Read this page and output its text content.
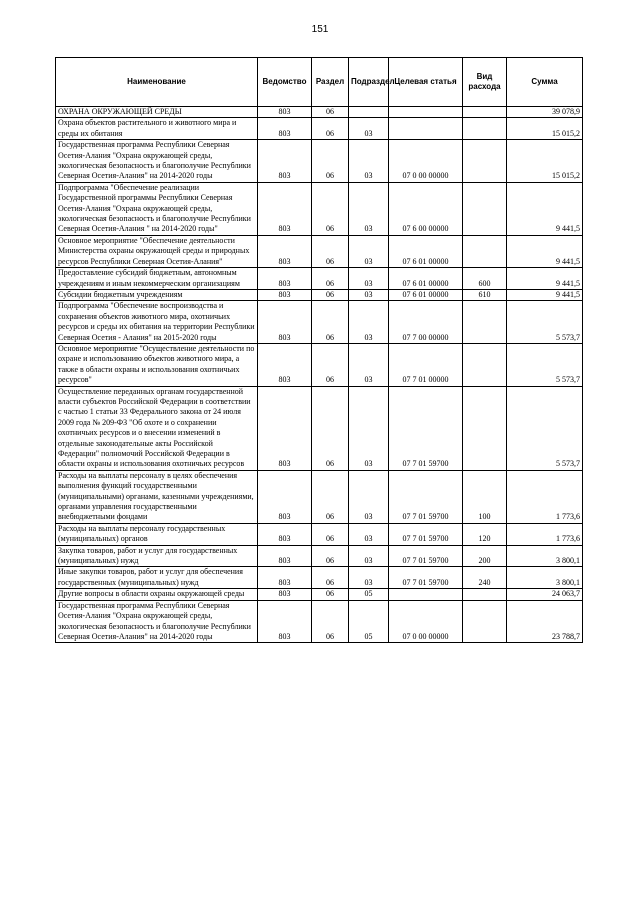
151
Наименование	Ведомство	Раздел	Подраздел	Целевая статья	Вид расхода	Сумма
ОХРАНА ОКРУЖАЮЩЕЙ СРЕДЫ	803	06				39 078,9
Охрана объектов растительного и животного мира и среды их обитания	803	06	03			15 015,2
Государственная программа Республики Северная Осетия-Алания "Охрана окружающей среды, экологическая безопасность и благополучие Республики Северная Осетия-Алания" на 2014-2020 годы	803	06	03	07 0 00 00000		15 015,2
Подпрограмма "Обеспечение реализации Государственной программы Республики Северная Осетия-Алания "Охрана окружающей среды, экологическая безопасность и благополучие Республики Северная Осетия-Алания " на 2014-2020 годы"	803	06	03	07 6 00 00000		9 441,5
Основное мероприятие "Обеспечение деятельности Министерства охраны окружающей среды и природных ресурсов Республики Северная Осетия-Алания"	803	06	03	07 6 01 00000		9 441,5
Предоставление субсидий бюджетным, автономным учреждениям и иным некоммерческим организациям	803	06	03	07 6 01 00000	600	9 441,5
Субсидии бюджетным учреждениям	803	06	03	07 6 01 00000	610	9 441,5
Подпрограмма "Обеспечение воспроизводства и сохранения объектов животного мира, охотничьих ресурсов и среды их обитания на территории Республики Северная Осетия - Алания" на 2015-2020 годы	803	06	03	07 7 00 00000		5 573,7
Основное мероприятие "Осуществление деятельности по охране и использованию объектов животного мира, а также в области охраны и использования охотничьих ресурсов"	803	06	03	07 7 01 00000		5 573,7
Осуществление переданных органам государственной власти субъектов Российской Федерации в соответствии с частью 1 статьи 33 Федерального закона от 24 июля 2009 года № 209-ФЗ "Об охоте и о сохранении охотничьих ресурсов и о внесении изменений в отдельные законодательные акты Российской Федерации" полномочий Российской Федерации в области охраны и использования охотничьих ресурсов	803	06	03	07 7 01 59700		5 573,7
Расходы на выплаты персоналу в целях обеспечения выполнения функций государственными (муниципальными) органами, казенными учреждениями, органами управления государственными внебюджетными фондами	803	06	03	07 7 01 59700	100	1 773,6
Расходы на выплаты персоналу государственных (муниципальных) органов	803	06	03	07 7 01 59700	120	1 773,6
Закупка товаров, работ и услуг для государственных (муниципальных) нужд	803	06	03	07 7 01 59700	200	3 800,1
Иные закупки товаров, работ и услуг для обеспечения государственных (муниципальных) нужд	803	06	03	07 7 01 59700	240	3 800,1
Другие вопросы в области охраны окружающей среды	803	06	05			24 063,7
Государственная программа Республики Северная Осетия-Алания "Охрана окружающей среды, экологическая безопасность и благополучие Республики Северная Осетия-Алания" на 2014-2020 годы	803	06	05	07 0 00 00000		23 788,7
